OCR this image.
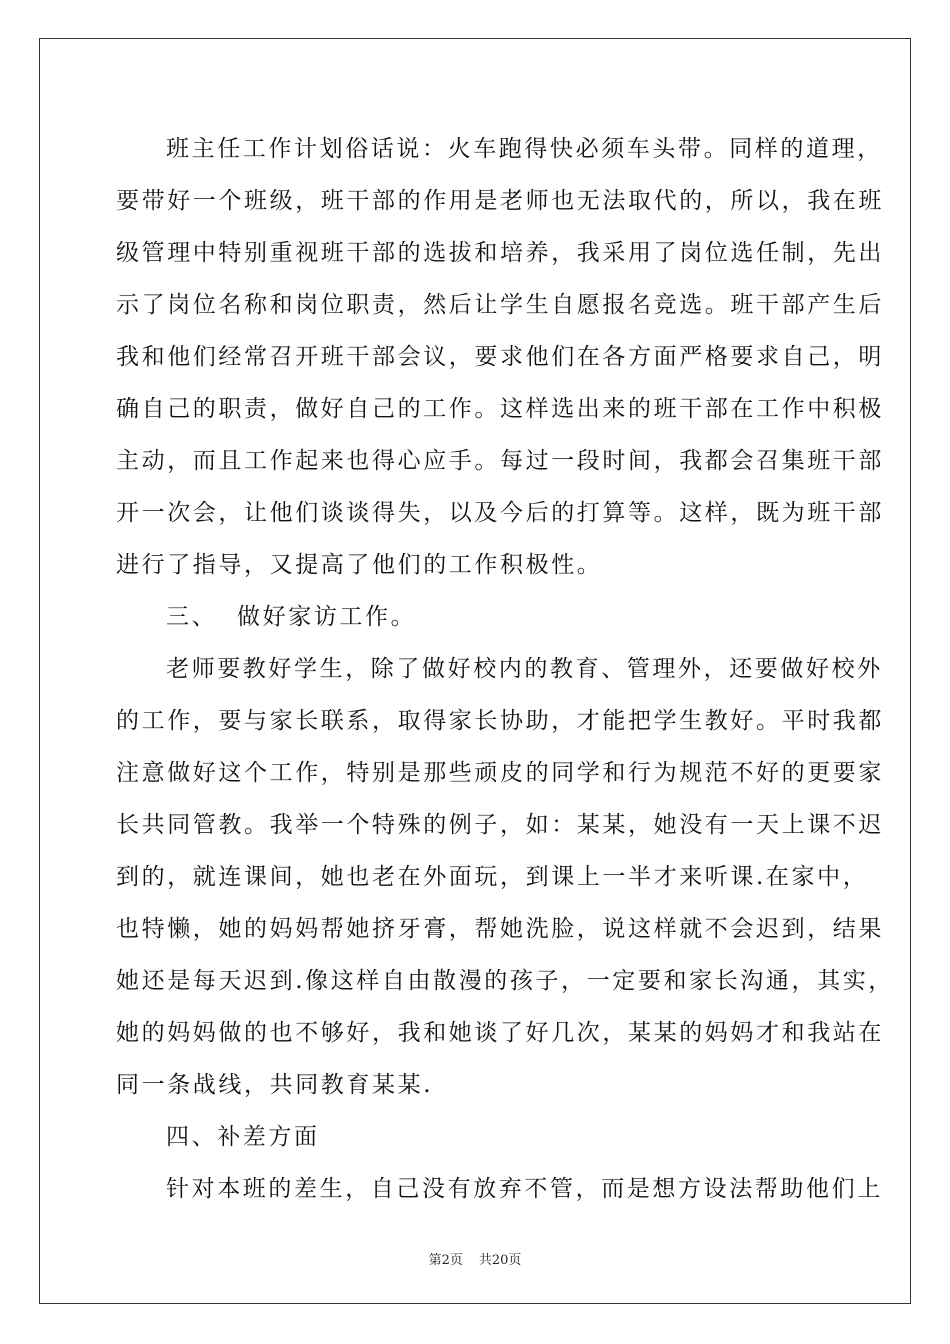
班主任工作计划俗话说：火车跑得快必须车头带。同样的道理，
要带好一个班级，班干部的作用是老师也无法取代的，所以，我在班
级管理中特别重视班干部的选拔和培养，我采用了岗位选任制，先出
示了岗位名称和岗位职责，然后让学生自愿报名竞选。班干部产生后
我和他们经常召开班干部会议，要求他们在各方面严格要求自己，明
确自己的职责，做好自己的工作。这样选出来的班干部在工作中积极
主动，而且工作起来也得心应手。每过一段时间，我都会召集班干部
开一次会，让他们谈谈得失，以及今后的打算等。这样，既为班干部
进行了指导，又提高了他们的工作积极性。
三、  做好家访工作。
老师要教好学生，除了做好校内的教育、管理外，还要做好校外
的工作，要与家长联系，取得家长协助，才能把学生教好。平时我都
注意做好这个工作，特别是那些顽皮的同学和行为规范不好的更要家
长共同管教。我举一个特殊的例子，如：某某，她没有一天上课不迟
到的，就连课间，她也老在外面玩，到课上一半才来听课.在家中，
也特懒，她的妈妈帮她挤牙膏，帮她洗脸，说这样就不会迟到，结果
她还是每天迟到.像这样自由散漫的孩子，一定要和家长沟通，其实，
她的妈妈做的也不够好，我和她谈了好几次，某某的妈妈才和我站在
同一条战线，共同教育某某.
四、补差方面
针对本班的差生，自己没有放弃不管，而是想方设法帮助他们上
第2页 共20页
